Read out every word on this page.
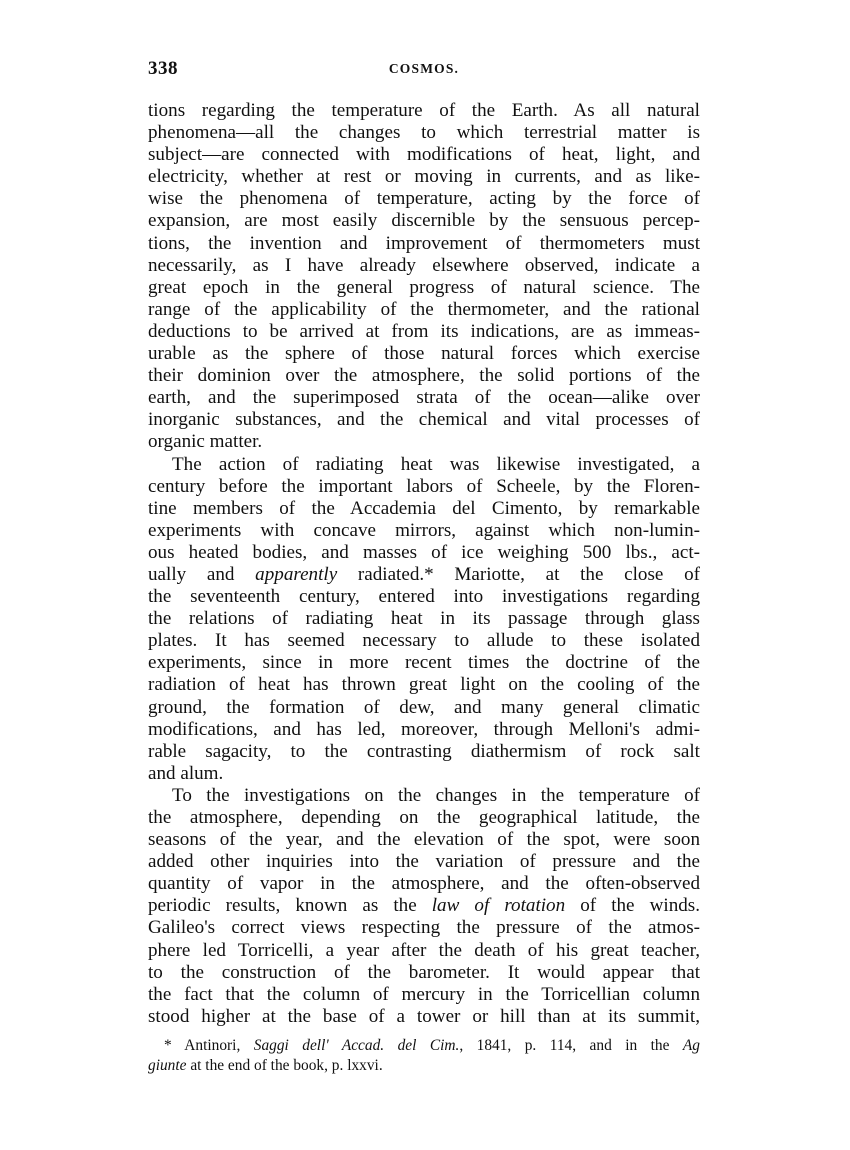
338	COSMOS.
tions regarding the temperature of the Earth. As all natural
phenomena—all the changes to which terrestrial matter is
subject—are connected with modifications of heat, light, and
electricity, whether at rest or moving in currents, and as like-
wise the phenomena of temperature, acting by the force of
expansion, are most easily discernible by the sensuous percep-
tions, the invention and improvement of thermometers must
necessarily, as I have already elsewhere observed, indicate a
great epoch in the general progress of natural science. The
range of the applicability of the thermometer, and the rational
deductions to be arrived at from its indications, are as immeas-
urable as the sphere of those natural forces which exercise
their dominion over the atmosphere, the solid portions of the
earth, and the superimposed strata of the ocean—alike over
inorganic substances, and the chemical and vital processes of
organic matter.
The action of radiating heat was likewise investigated, a
century before the important labors of Scheele, by the Floren-
tine members of the Accademia del Cimento, by remarkable
experiments with concave mirrors, against which non-lumin-
ous heated bodies, and masses of ice weighing 500 lbs., act-
ually and apparently radiated.* Mariotte, at the close of
the seventeenth century, entered into investigations regarding
the relations of radiating heat in its passage through glass
plates. It has seemed necessary to allude to these isolated
experiments, since in more recent times the doctrine of the
radiation of heat has thrown great light on the cooling of the
ground, the formation of dew, and many general climatic
modifications, and has led, moreover, through Melloni's admi-
rable sagacity, to the contrasting diathermism of rock salt
and alum.
To the investigations on the changes in the temperature of
the atmosphere, depending on the geographical latitude, the
seasons of the year, and the elevation of the spot, were soon
added other inquiries into the variation of pressure and the
quantity of vapor in the atmosphere, and the often-observed
periodic results, known as the law of rotation of the winds.
Galileo's correct views respecting the pressure of the atmos-
phere led Torricelli, a year after the death of his great teacher,
to the construction of the barometer. It would appear that
the fact that the column of mercury in the Torricellian column
stood higher at the base of a tower or hill than at its summit,
* Antinori, Saggi dell' Accad. del Cim., 1841, p. 114, and in the Ag
giunte at the end of the book, p. lxxvi.
